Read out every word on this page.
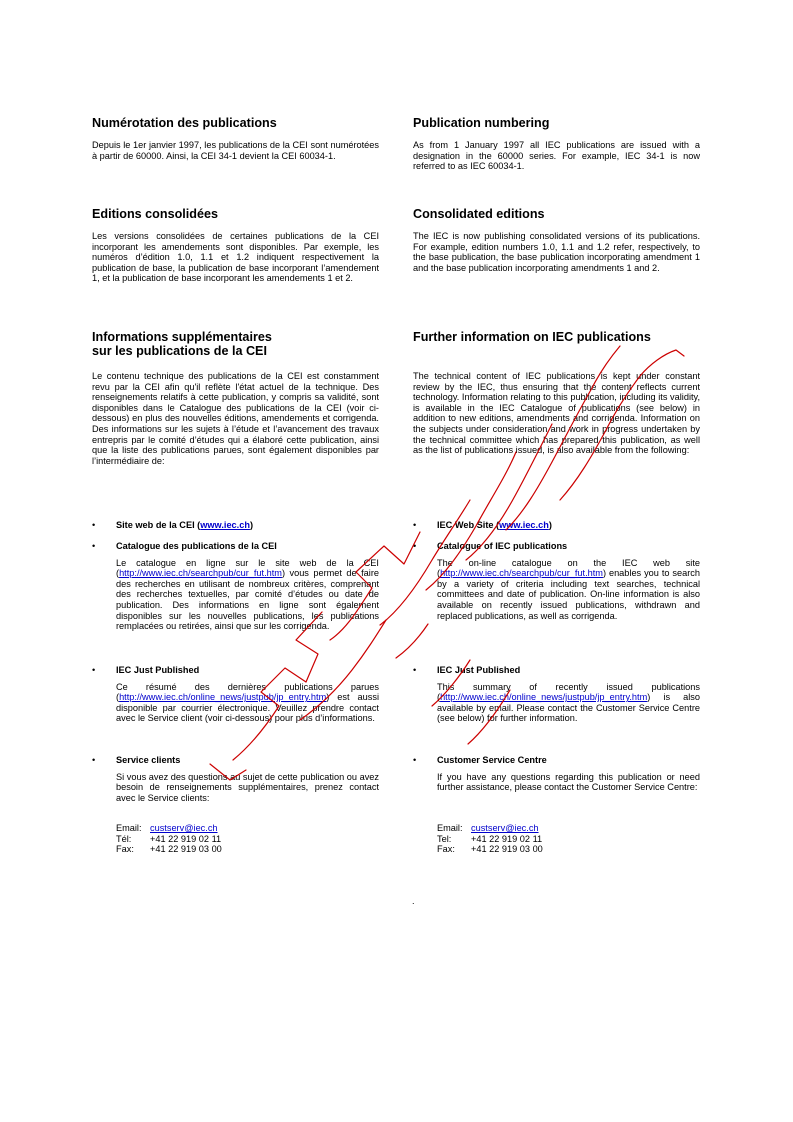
Numérotation des publications

Depuis le 1er janvier 1997, les publications de la CEI sont numérotées à partir de 60000. Ainsi, la CEI 34-1 devient la CEI 60034-1.

Editions consolidées

Les versions consolidées de certaines publications de la CEI incorporant les amendements sont disponibles. Par exemple, les numéros d’édition 1.0, 1.1 et 1.2 indiquent respectivement la publication de base, la publication de base incorporant l’amendement 1, et la publication de base incorporant les amendements 1 et 2.

Informations supplémentaires
sur les publications de la CEI

Le contenu technique des publications de la CEI est constamment revu par la CEI afin qu'il reflète l'état actuel de la technique. Des renseignements relatifs à cette publication, y compris sa validité, sont disponibles dans le Catalogue des publications de la CEI (voir ci-dessous) en plus des nouvelles éditions, amendements et corrigenda. Des informations sur les sujets à l’étude et l’avancement des travaux entrepris par le comité d’études qui a élaboré cette publication, ainsi que la liste des publications parues, sont également disponibles par l’intermédiaire de:

• Site web de la CEI (www.iec.ch)
• Catalogue des publications de la CEI

Le catalogue en ligne sur le site web de la CEI (http://www.iec.ch/searchpub/cur_fut.htm) vous permet de faire des recherches en utilisant de nombreux critères, comprenant des recherches textuelles, par comité d’études ou date de publication. Des informations en ligne sont également disponibles sur les nouvelles publications, les publications remplacées ou retirées, ainsi que sur les corrigenda.

• IEC Just Published

Ce résumé des dernières publications parues (http://www.iec.ch/online_news/justpub/jp_entry.htm) est aussi disponible par courrier électronique. Veuillez prendre contact avec le Service client (voir ci-dessous) pour plus d’informations.

• Service clients

Si vous avez des questions au sujet de cette publication ou avez besoin de renseignements supplémentaires, prenez contact avec le Service clients:

Email: custserv@iec.ch
Tél: +41 22 919 02 11
Fax: +41 22 919 03 00
Publication numbering

As from 1 January 1997 all IEC publications are issued with a designation in the 60000 series. For example, IEC 34-1 is now referred to as IEC 60034-1.

Consolidated editions

The IEC is now publishing consolidated versions of its publications. For example, edition numbers 1.0, 1.1 and 1.2 refer, respectively, to the base publication, the base publication incorporating amendment 1 and the base publication incorporating amendments 1 and 2.

Further information on IEC publications

The technical content of IEC publications is kept under constant review by the IEC, thus ensuring that the content reflects current technology. Information relating to this publication, including its validity, is available in the IEC Catalogue of publications (see below) in addition to new editions, amendments and corrigenda. Information on the subjects under consideration and work in progress undertaken by the technical committee which has prepared this publication, as well as the list of publications issued, is also available from the following:

• IEC Web Site (www.iec.ch)
• Catalogue of IEC publications

The on-line catalogue on the IEC web site (http://www.iec.ch/searchpub/cur_fut.htm) enables you to search by a variety of criteria including text searches, technical committees and date of publication. On-line information is also available on recently issued publications, withdrawn and replaced publications, as well as corrigenda.

• IEC Just Published

This summary of recently issued publications (http://www.iec.ch/online_news/justpub/jp_entry.htm) is also available by email. Please contact the Customer Service Centre (see below) for further information.

• Customer Service Centre

If you have any questions regarding this publication or need further assistance, please contact the Customer Service Centre:

Email: custserv@iec.ch
Tel: +41 22 919 02 11
Fax: +41 22 919 03 00
.
